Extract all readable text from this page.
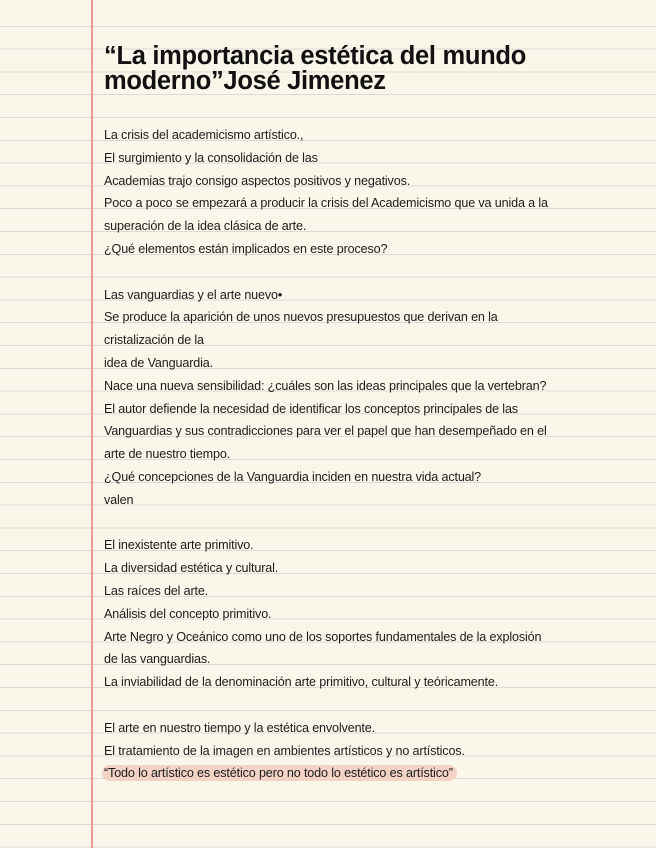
“La importancia estética del mundo moderno”José Jimenez
La crisis del academicismo artístico.,
El surgimiento y la consolidación de las
Academias trajo consigo aspectos positivos y negativos.
Poco a poco se empezará a producir la crisis del Academicismo que va unida a la
superación de la idea clásica de arte.
¿Qué elementos están implicados en este proceso?
Las vanguardias y el arte nuevo•
Se produce la aparición de unos nuevos presupuestos que derivan en la
cristalización de la
idea de Vanguardia.
Nace una nueva sensibilidad: ¿cuáles son las ideas principales que la vertebran?
El autor defiende la necesidad de identificar los conceptos principales de las
Vanguardias y sus contradicciones para ver el papel que han desempeñado en el
arte de nuestro tiempo.
¿Qué concepciones de la Vanguardia inciden en nuestra vida actual?
valen
El inexistente arte primitivo.
La diversidad estética y cultural.
Las raíces del arte.
Análisis del concepto primitivo.
Arte Negro y Oceánico como uno de los soportes fundamentales de la explosión
de las vanguardias.
La inviabilidad de la denominación arte primitivo, cultural y teóricamente.
El arte en nuestro tiempo y la estética envolvente.
El tratamiento de la imagen en ambientes artísticos y no artísticos.
“Todo lo artístico es estético pero no todo lo estético es artístico”
